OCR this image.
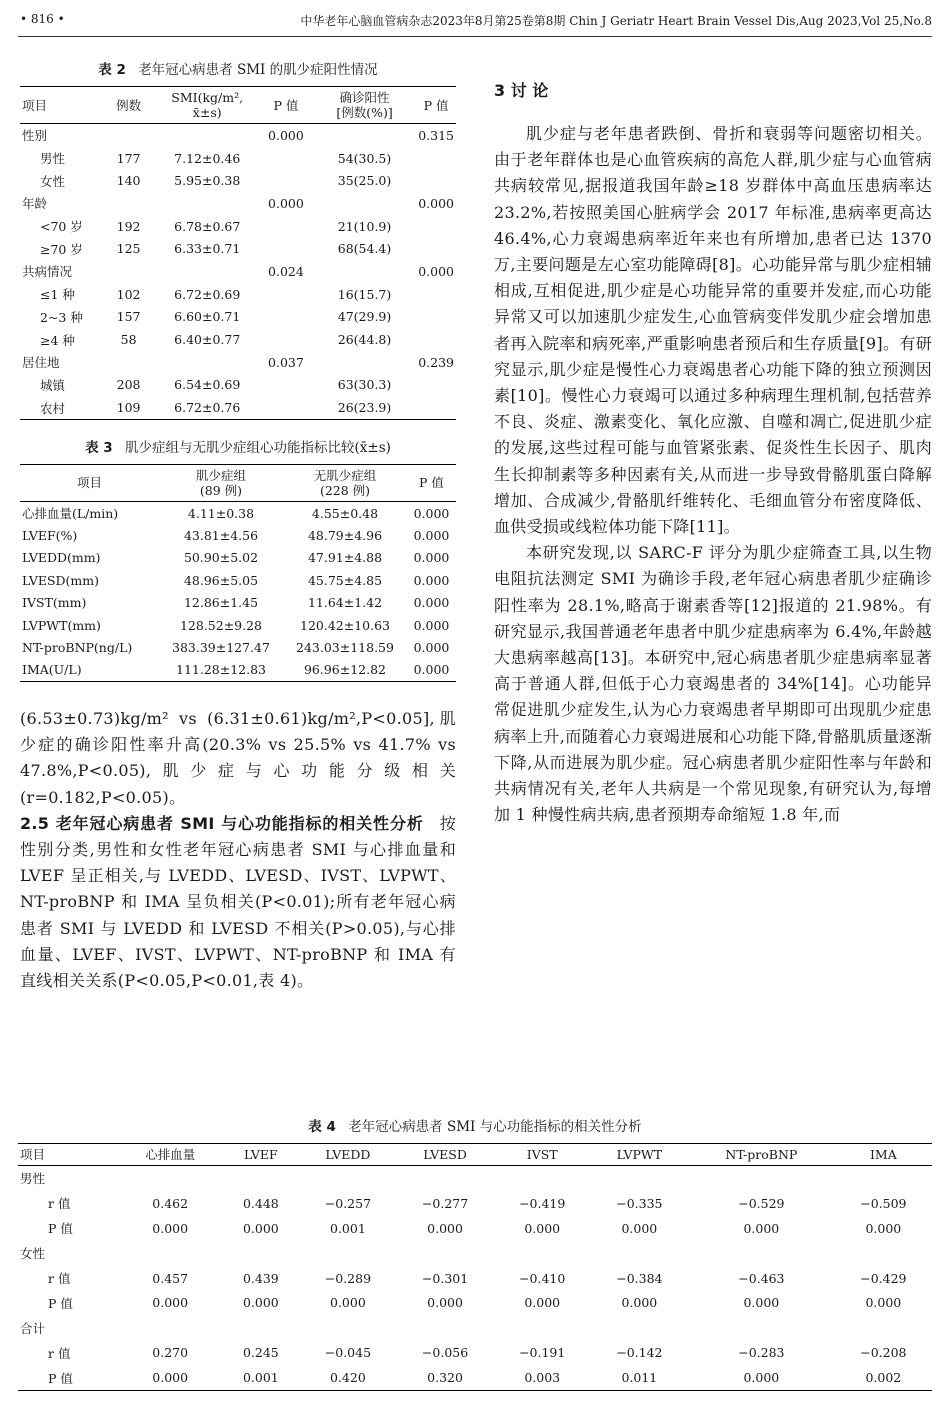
• 816 •	中华老年心脑血管病杂志2023年8月第25卷第8期 Chin J Geriatr Heart Brain Vessel Dis,Aug 2023,Vol 25,No.8
表 2 老年冠心病患者 SMI 的肌少症阳性情况
项目	例数	SMI(kg/m²,
x̄±s)	P 值	确诊阳性
[例数(%)]	P 值
性别			0.000		0.315
男性	177	7.12±0.46		54(30.5)	
女性	140	5.95±0.38		35(25.0)	
年龄			0.000		0.000
<70 岁	192	6.78±0.67		21(10.9)	
≥70 岁	125	6.33±0.71		68(54.4)	
共病情况			0.024		0.000
≤1 种	102	6.72±0.69		16(15.7)	
2~3 种	157	6.60±0.71		47(29.9)	
≥4 种	58	6.40±0.77		26(44.8)	
居住地			0.037		0.239
城镇	208	6.54±0.69		63(30.3)	
农村	109	6.72±0.76		26(23.9)	
表 3 肌少症组与无肌少症组心功能指标比较(x̄±s)
项目	肌少症组
(89 例)	无肌少症组
(228 例)	P 值
心排血量(L/min)	4.11±0.38	4.55±0.48	0.000
LVEF(%)	43.81±4.56	48.79±4.96	0.000
LVEDD(mm)	50.90±5.02	47.91±4.88	0.000
LVESD(mm)	48.96±5.05	45.75±4.85	0.000
IVST(mm)	12.86±1.45	11.64±1.42	0.000
LVPWT(mm)	128.52±9.28	120.42±10.63	0.000
NT-proBNP(ng/L)	383.39±127.47	243.03±118.59	0.000
IMA(U/L)	111.28±12.83	96.96±12.82	0.000

(6.53±0.73)kg/m² vs (6.31±0.61)kg/m²,P<0.05],肌少症的确诊阳性率升高(20.3% vs 25.5% vs 41.7% vs 47.8%,P<0.05),肌少症与心功能分级相关(r=0.182,P<0.05)。

2.5 老年冠心病患者 SMI 与心功能指标的相关性分析 按性别分类,男性和女性老年冠心病患者 SMI 与心排血量和 LVEF 呈正相关,与 LVEDD、LVESD、IVST、LVPWT、NT-proBNP 和 IMA 呈负相关(P<0.01);所有老年冠心病患者 SMI 与 LVEDD 和 LVESD 不相关(P>0.05),与心排血量、LVEF、IVST、LVPWT、NT-proBNP 和 IMA 有直线相关关系(P<0.05,P<0.01,表 4)。

3 讨 论

肌少症与老年患者跌倒、骨折和衰弱等问题密切相关。由于老年群体也是心血管疾病的高危人群,肌少症与心血管病共病较常见,据报道我国年龄≥18 岁群体中高血压患病率达 23.2%,若按照美国心脏病学会 2017 年标准,患病率更高达 46.4%,心力衰竭患病率近年来也有所增加,患者已达 1370 万,主要问题是左心室功能障碍[8]。心功能异常与肌少症相辅相成,互相促进,肌少症是心功能异常的重要并发症,而心功能异常又可以加速肌少症发生,心血管病变伴发肌少症会增加患者再入院率和病死率,严重影响患者预后和生存质量[9]。有研究显示,肌少症是慢性心力衰竭患者心功能下降的独立预测因素[10]。慢性心力衰竭可以通过多种病理生理机制,包括营养不良、炎症、激素变化、氧化应激、自噬和凋亡,促进肌少症的发展,这些过程可能与血管紧张素、促炎性生长因子、肌肉生长抑制素等多种因素有关,从而进一步导致骨骼肌蛋白降解增加、合成减少,骨骼肌纤维转化、毛细血管分布密度降低、血供受损或线粒体功能下降[11]。

本研究发现,以 SARC-F 评分为肌少症筛查工具,以生物电阻抗法测定 SMI 为确诊手段,老年冠心病患者肌少症确诊阳性率为 28.1%,略高于谢素香等[12]报道的 21.98%。有研究显示,我国普通老年患者中肌少症患病率为 6.4%,年龄越大患病率越高[13]。本研究中,冠心病患者肌少症患病率显著高于普通人群,但低于心力衰竭患者的 34%[14]。心功能异常促进肌少症发生,认为心力衰竭患者早期即可出现肌少症患病率上升,而随着心力衰竭进展和心功能下降,骨骼肌质量逐渐下降,从而进展为肌少症。冠心病患者肌少症阳性率与年龄和共病情况有关,老年人共病是一个常见现象,有研究认为,每增加 1 种慢性病共病,患者预期寿命缩短 1.8 年,而

表 4 老年冠心病患者 SMI 与心功能指标的相关性分析
项目	心排血量	LVEF	LVEDD	LVESD	IVST	LVPWT	NT-proBNP	IMA
男性								
r 值	0.462	0.448	−0.257	−0.277	−0.419	−0.335	−0.529	−0.509
P 值	0.000	0.000	0.001	0.000	0.000	0.000	0.000	0.000
女性								
r 值	0.457	0.439	−0.289	−0.301	−0.410	−0.384	−0.463	−0.429
P 值	0.000	0.000	0.000	0.000	0.000	0.000	0.000	0.000
合计								
r 值	0.270	0.245	−0.045	−0.056	−0.191	−0.142	−0.283	−0.208
P 值	0.000	0.001	0.420	0.320	0.003	0.011	0.000	0.002
